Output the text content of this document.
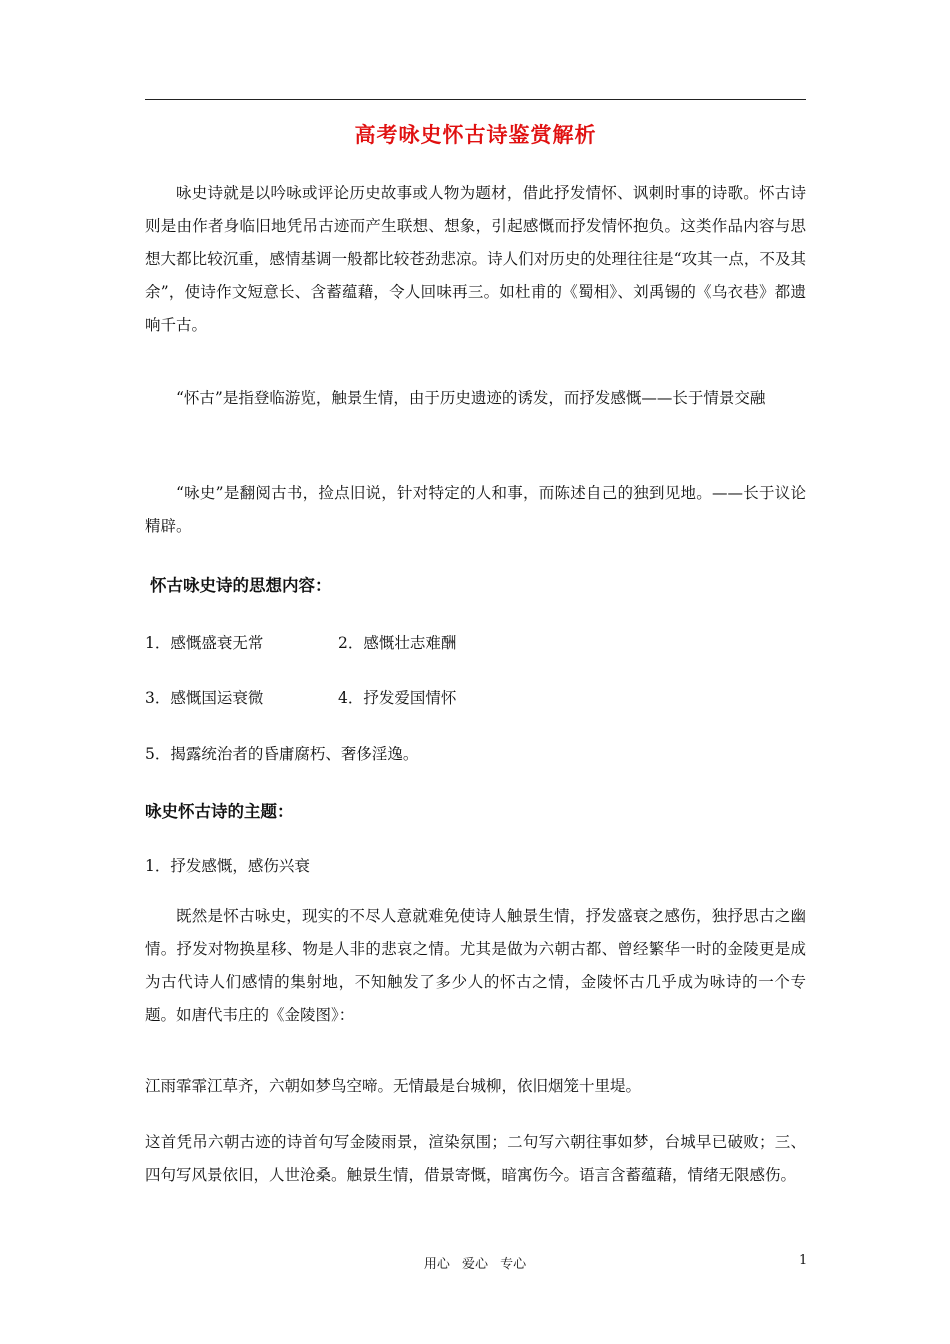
高考咏史怀古诗鉴赏解析

咏史诗就是以吟咏或评论历史故事或人物为题材，借此抒发情怀、讽刺时事的诗歌。怀古诗则是由作者身临旧地凭吊古迹而产生联想、想象，引起感慨而抒发情怀抱负。这类作品内容与思想大都比较沉重，感情基调一般都比较苍劲悲凉。诗人们对历史的处理往往是“攻其一点，不及其余”，使诗作文短意长、含蓄蕴藉，令人回味再三。如杜甫的《蜀相》、刘禹锡的《乌衣巷》都遗响千古。

“怀古”是指登临游览，触景生情，由于历史遗迹的诱发，而抒发感慨——长于情景交融

“咏史”是翻阅古书，捡点旧说，针对特定的人和事，而陈述自己的独到见地。——长于议论精辟。

怀古咏史诗的思想内容：

1．感慨盛衰无常	2．感慨壮志难酬

3．感慨国运衰微	4．抒发爱国情怀

5．揭露统治者的昏庸腐朽、奢侈淫逸。

咏史怀古诗的主题：

1．抒发感慨，感伤兴衰

既然是怀古咏史，现实的不尽人意就难免使诗人触景生情，抒发盛衰之感伤，独抒思古之幽情。抒发对物换星移、物是人非的悲哀之情。尤其是做为六朝古都、曾经繁华一时的金陵更是成为古代诗人们感情的集射地，不知触发了多少人的怀古之情，金陵怀古几乎成为咏诗的一个专题。如唐代韦庄的《金陵图》：

江雨霏霏江草齐，六朝如梦鸟空啼。无情最是台城柳，依旧烟笼十里堤。

这首凭吊六朝古迹的诗首句写金陵雨景，渲染氛围；二句写六朝往事如梦，台城早已破败；三、四句写风景依旧，人世沧桑。触景生情，借景寄慨，暗寓伤今。语言含蓄蕴藉，情绪无限感伤。

用心 爱心 专心	1
